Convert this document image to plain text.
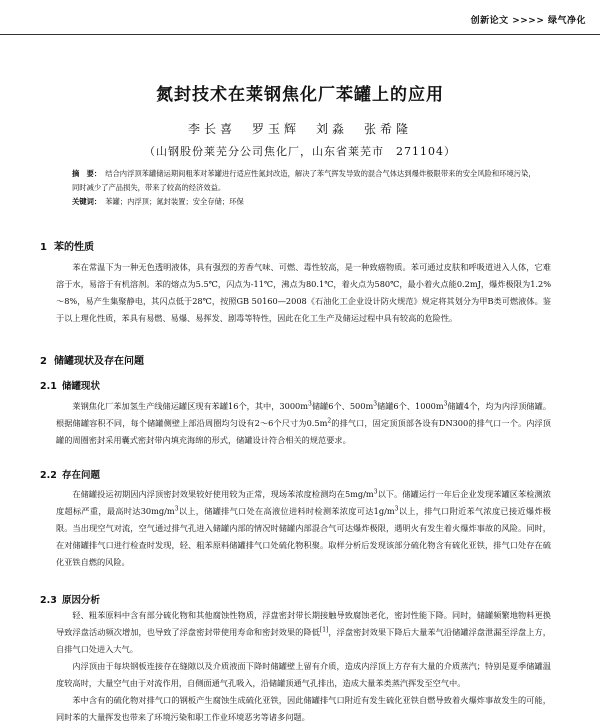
创新论文 >>>> 绿气净化
氮封技术在莱钢焦化厂苯罐上的应用
李长喜　罗玉辉　刘淼　张希隆
（山钢股份莱芜分公司焦化厂，山东省莱芜市　271104）
摘　要： 结合内浮顶苯罐储运期间粗苯对苯罐进行适应性氮封改造，解决了苯气挥发导致的混合气体达到爆炸极限带来的安全风险和环境污染，同时减少了产品损失，带来了较高的经济效益。
关键词： 苯罐；内浮顶；氮封装置；安全存储；环保
1 苯的性质
苯在常温下为一种无色透明液体，具有强烈的芳香气味、可燃、毒性较高，是一种致癌物质。苯可通过皮肤和呼吸道进入人体，它难溶于水，易溶于有机溶剂。苯的熔点为5.5℃，闪点为-11℃，沸点为80.1℃，着火点为580℃，最小着火点能0.2mJ，爆炸极限为1.2%～8%，易产生集聚静电，其闪点低于28℃，按照GB 50160—2008《石油化工企业设计防火规范》规定将其划分为甲B类可燃液体。鉴于以上理化性质，苯具有易燃、易爆、易挥发、剧毒等特性，因此在化工生产及储运过程中具有较高的危险性。
2 储罐现状及存在问题
2.1 储罐现状
莱钢焦化厂苯加氢生产线储运罐区现有苯罐16个，其中，$3000m^3$储罐6个、$500m^3$储罐6个、$1000m^3$储罐4个，均为内浮顶储罐。根据储罐容积不同，每个储罐侧壁上部沿周圈均匀设有2～6个尺寸为$0.5m^2$的排气口，固定顶顶部各设有DN300的排气口一个。内浮顶罐的周圈密封采用囊式密封带内填充海绵的形式，储罐设计符合相关的规范要求。
2.2 存在问题
在储罐投运初期因内浮顶密封效果较好使用较为正常，现场苯浓度检测均在$5mg/m^3$以下。储罐运行一年后企业发现苯罐区苯检测浓度超标严重，最高时达$30mg/m^3$以上，储罐排气口处在高液位进料时检测苯浓度可达$1g/m^3$以上，排气口附近苯气浓度已接近爆炸极限。当出现空气对流，空气通过排气孔进入储罐内部的情况时储罐内部混合气可达爆炸极限，遇明火有发生着火爆炸事故的风险。同时，在对储罐排气口进行检查时发现，轻、粗苯原料储罐排气口处硫化物积聚。取样分析后发现该部分硫化物含有硫化亚铁，排气口处存在硫化亚铁自燃的风险。
2.3 原因分析
轻、粗苯原料中含有部分硫化物和其他腐蚀性物质，浮盘密封带长期接触导致腐蚀老化，密封性能下降。同时，储罐频繁地物料更换导致浮盘活动频次增加，也导致了浮盘密封带使用寿命和密封效果的降低[1]，浮盘密封效果下降后大量苯气沿储罐浮盘泄漏至浮盘上方，自排气口处进入大气。
内浮顶由于每块钢板连接存在缝隙以及介质液面下降时储罐壁上留有介质，造成内浮顶上方存有大量的介质蒸汽；特别是夏季储罐温度较高时，大量空气由于对流作用，自侧面通气孔吸入，沿储罐顶通气孔排出，造成大量苯类蒸汽挥发至空气中。
苯中含有的硫化物对排气口的钢板产生腐蚀生成硫化亚铁，因此储罐排气口附近有发生硫化亚铁自燃导致着火爆炸事故发生的可能，同时苯的大量挥发也带来了环境污染和职工作业环境恶劣等诸多问题。
